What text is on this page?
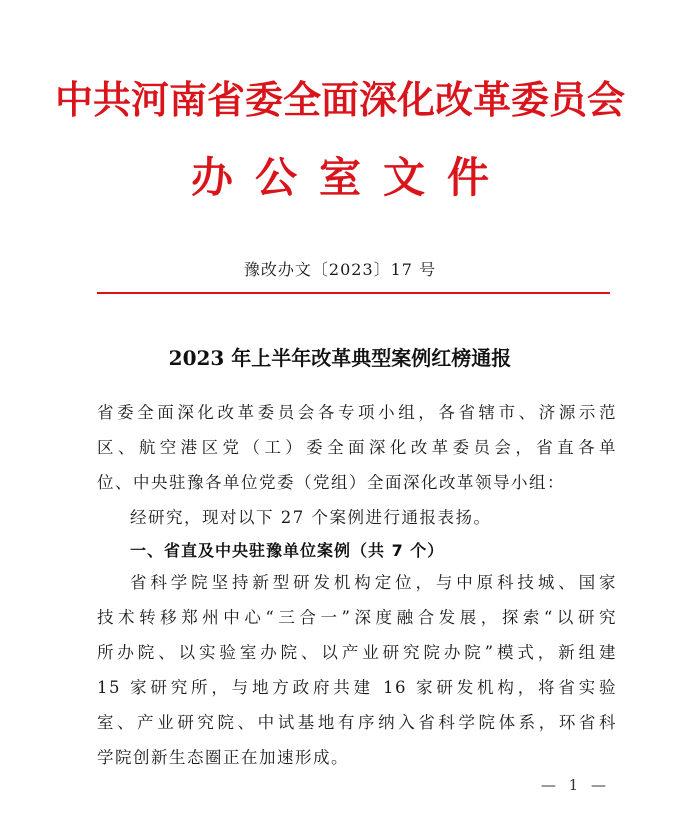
中共河南省委全面深化改革委员会
办公室文件
豫改办文〔2023〕17 号
2023 年上半年改革典型案例红榜通报

省委全面深化改革委员会各专项小组，各省辖市、济源示范

区、航空港区党（工）委全面深化改革委员会，省直各单

位、中央驻豫各单位党委（党组）全面深化改革领导小组：

经研究，现对以下 27 个案例进行通报表扬。

一、省直及中央驻豫单位案例（共 7 个）

省科学院坚持新型研发机构定位，与中原科技城、国家

技术转移郑州中心“三合一”深度融合发展，探索“以研究

所办院、以实验室办院、以产业研究院办院”模式，新组建

15 家研究所，与地方政府共建 16 家研发机构，将省实验

室、产业研究院、中试基地有序纳入省科学院体系，环省科

学院创新生态圈正在加速形成。

— 1 —
